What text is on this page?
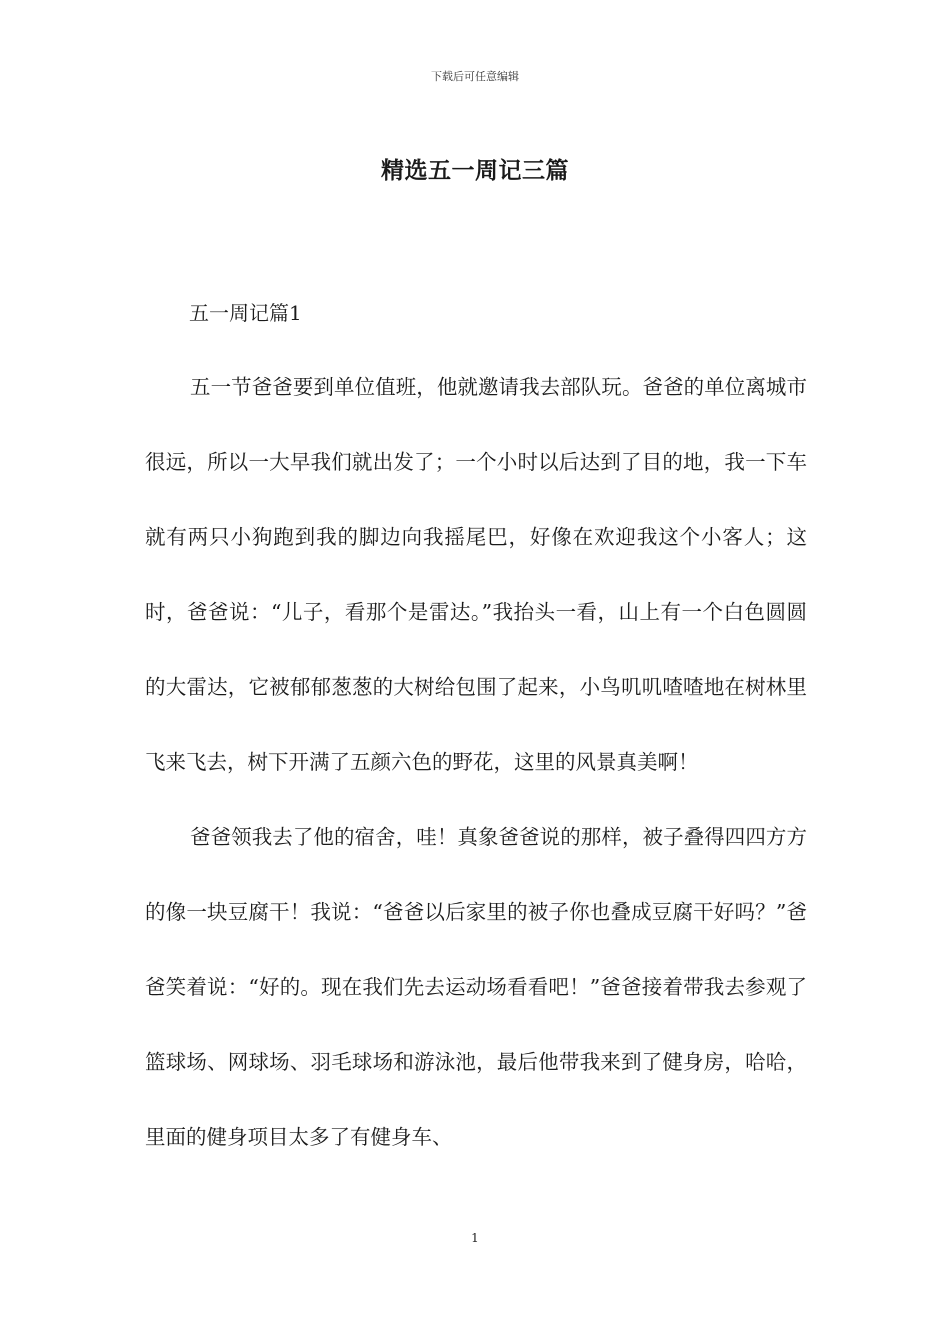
下载后可任意编辑
精选五一周记三篇
五一周记篇1

五一节爸爸要到单位值班，他就邀请我去部队玩。爸爸的单位离城市很远，所以一大早我们就出发了；一个小时以后达到了目的地，我一下车就有两只小狗跑到我的脚边向我摇尾巴，好像在欢迎我这个小客人；这时，爸爸说：“儿子，看那个是雷达。”我抬头一看，山上有一个白色圆圆的大雷达，它被郁郁葱葱的大树给包围了起来，小鸟叽叽喳喳地在树林里飞来飞去，树下开满了五颜六色的野花，这里的风景真美啊！

爸爸领我去了他的宿舍，哇！真象爸爸说的那样，被子叠得四四方方的像一块豆腐干！我说：“爸爸以后家里的被子你也叠成豆腐干好吗？”爸爸笑着说：“好的。现在我们先去运动场看看吧！”爸爸接着带我去参观了篮球场、网球场、羽毛球场和游泳池，最后他带我来到了健身房，哈哈，里面的健身项目太多了有健身车、

1
